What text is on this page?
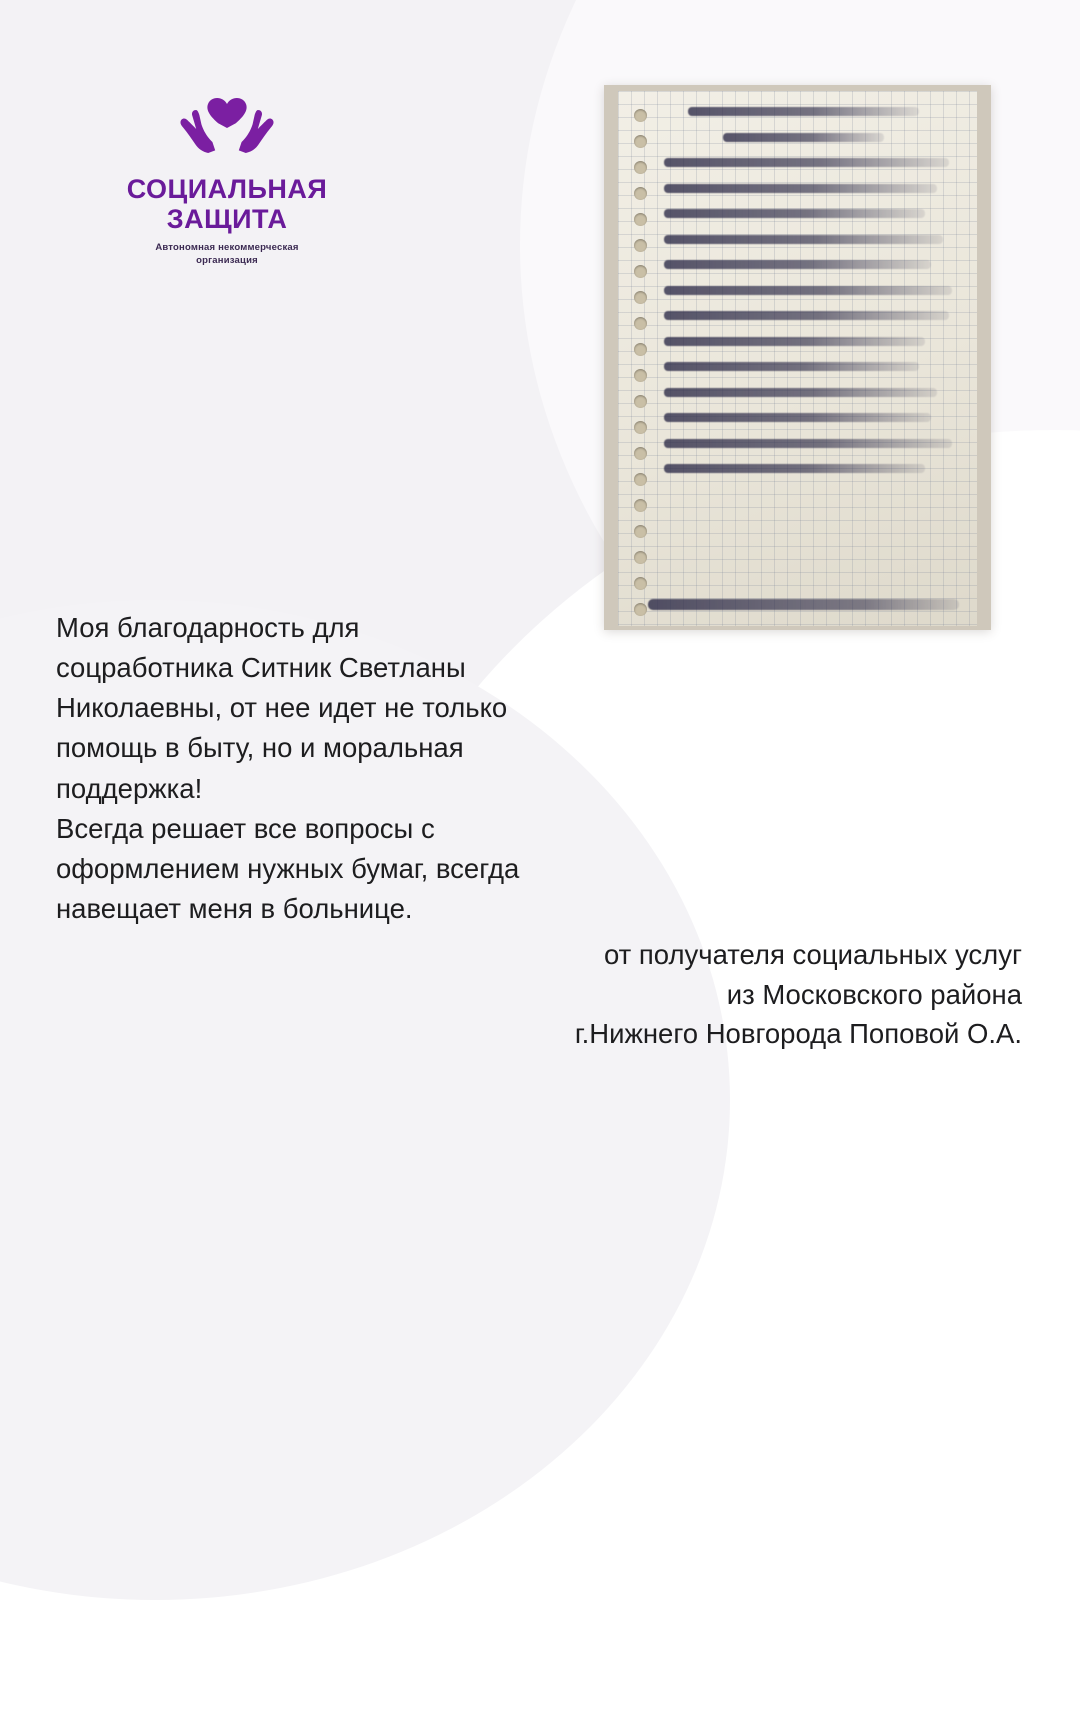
СОЦИАЛЬНАЯ
ЗАЩИТА
Автономная некоммерческая
организация

Моя благодарность для

соцработника Ситник Светланы

Николаевны, от нее идет не только

помощь в быту, но и моральная

поддержка!

Всегда решает все вопросы с

оформлением нужных бумаг, всегда

навещает меня в больнице.

от получателя социальных услуг
из Московского района
г.Нижнего Новгорода Поповой О.А.
